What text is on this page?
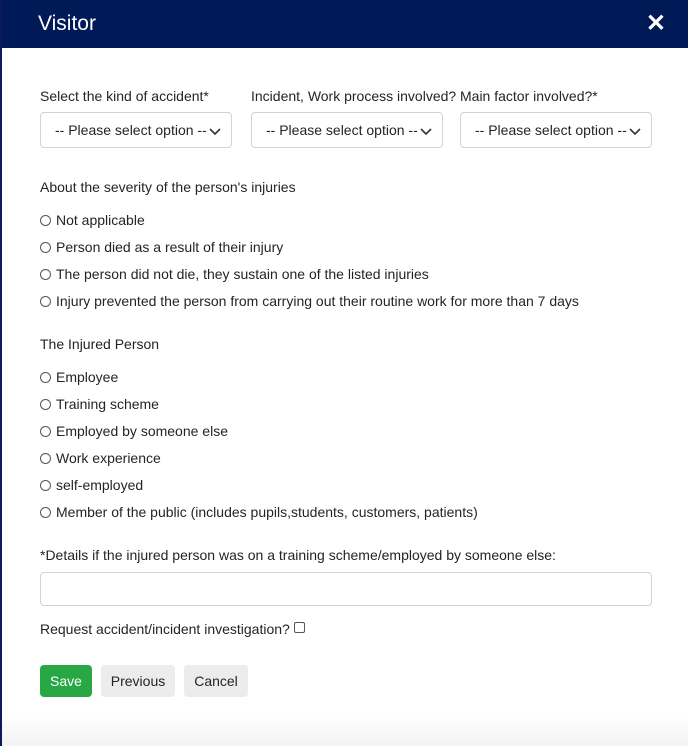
Visitor	✕
Select the kind of accident*	Incident, Work process involved? Main factor involved?*
-- Please select option --	-- Please select option --	-- Please select option --
About the severity of the person's injuries
Not applicable
Person died as a result of their injury
The person did not die, they sustain one of the listed injuries
Injury prevented the person from carrying out their routine work for more than 7 days
The Injured Person
Employee
Training scheme
Employed by someone else
Work experience
self-employed
Member of the public (includes pupils,students, customers, patients)
*Details if the injured person was on a training scheme/employed by someone else:
Request accident/incident investigation?
Save	Previous	Cancel
